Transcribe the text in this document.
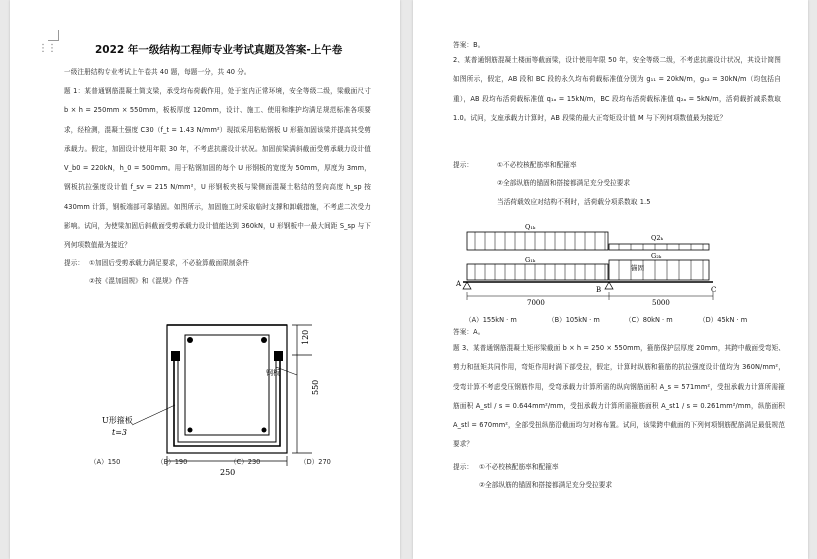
⋮⋮	2022 年一级结构工程师专业考试真题及答案-上午卷
一级注册结构专业考试上午卷共 40 题，每题一分，共 40 分。
题 1：某普通钢筋混凝土简支梁，承受均布荷载作用，处于室内正常环境，安全等级二级，梁截面尺寸 b × h = 250mm × 550mm，板板厚度 120mm，设计、施工、使用和维护均满足规范标准各项要求，经检测，混凝土强度 C30（f_t = 1.43 N/mm²）现拟采用粘贴钢板 U 形箍加固该梁并提高其受剪承载力。假定，加固设计使用年限 30 年，不考虑抗震设计状况。加固前梁满斜截面受剪承载力设计值 V_b0 = 220kN，h_0 = 500mm。用于粘钢加固的每个 U 形钢板的宽度为 50mm，厚度为 3mm，钢板抗拉强度设计值 f_sv = 215 N/mm²，U 形钢板夹板与梁侧面混凝土粘结的竖向高度 h_sp 按 430mm 计算，钢板端部可靠锚固。如图所示，加固施工时采取临时支撑和卸载措施，不考虑二次受力影响。试问，为使梁加固后斜截面受剪承载力设计值能达到 360kN，U 形钢板中一最大间距 S_sp 与下列何项数值最为接近？
提示： ①加固后受剪承载力满足要求，不必验算截面限制条件
②按《混加固规》和《混规》作答
120
550
250
钢板
U形箍板
t=3
（A）150	（B）190	（C）230	（D）270
答案：B。
2、某普通钢筋混凝土楼面等截面梁，设计使用年限 50 年，安全等级二级，不考虑抗震设计状况，其设计简图如图所示，假定，AB 段和 BC 段的永久均布荷载标准值分别为 g₁₁ = 20kN/m，g₁₂ = 30kN/m（均包括自重），AB 段均布活荷载标准值 q₁ₐ = 15kN/m，BC 段均布活荷载标准值 q₂ₐ = 5kN/m，活荷载折减系数取 1.0。试问，支座承载力计算时，AB 段梁的最大正弯矩设计值 M 与下列何项数值最为接近？
提示：	①不必校核配筋率和配箍率
②全部纵筋的锚固和搭接都满足充分受拉要求
当活荷载效应对结构不利时，活荷载分项系数取 1.5
Q₁ₖ
Q2ₖ
G₁ₖ	G₂ₖ
锚固
A
B	C
7000	5000
（A）155kN · m	（B）105kN · m	（C）80kN · m	（D）45kN · m
答案：A。
题 3、某普通钢筋混凝土矩形梁截面 b × h = 250 × 550mm，箍筋保护层厚度 20mm，其跨中截面受弯矩、剪力和扭矩共同作用，弯矩作用时满下部受拉，假定，计算时纵筋和箍筋的抗拉强度设计值均为 360N/mm²，受弯计算不考虑受压钢筋作用，受弯承载力计算所需的纵向钢筋面积 A_s = 571mm²，受扭承载力计算所需箍筋面积 A_stl / s = 0.644mm²/mm，受扭承载力计算所需箍筋面积 A_st1 / s = 0.261mm²/mm，纵筋面积 A_stl = 670mm²，全部受扭纵筋沿截面均匀对称布置。试问，该梁跨中截面的下列何项钢筋配筋满足最低规范要求？
提示： ①不必校核配筋率和配箍率
②全部纵筋的锚固和搭接都满足充分受拉要求
